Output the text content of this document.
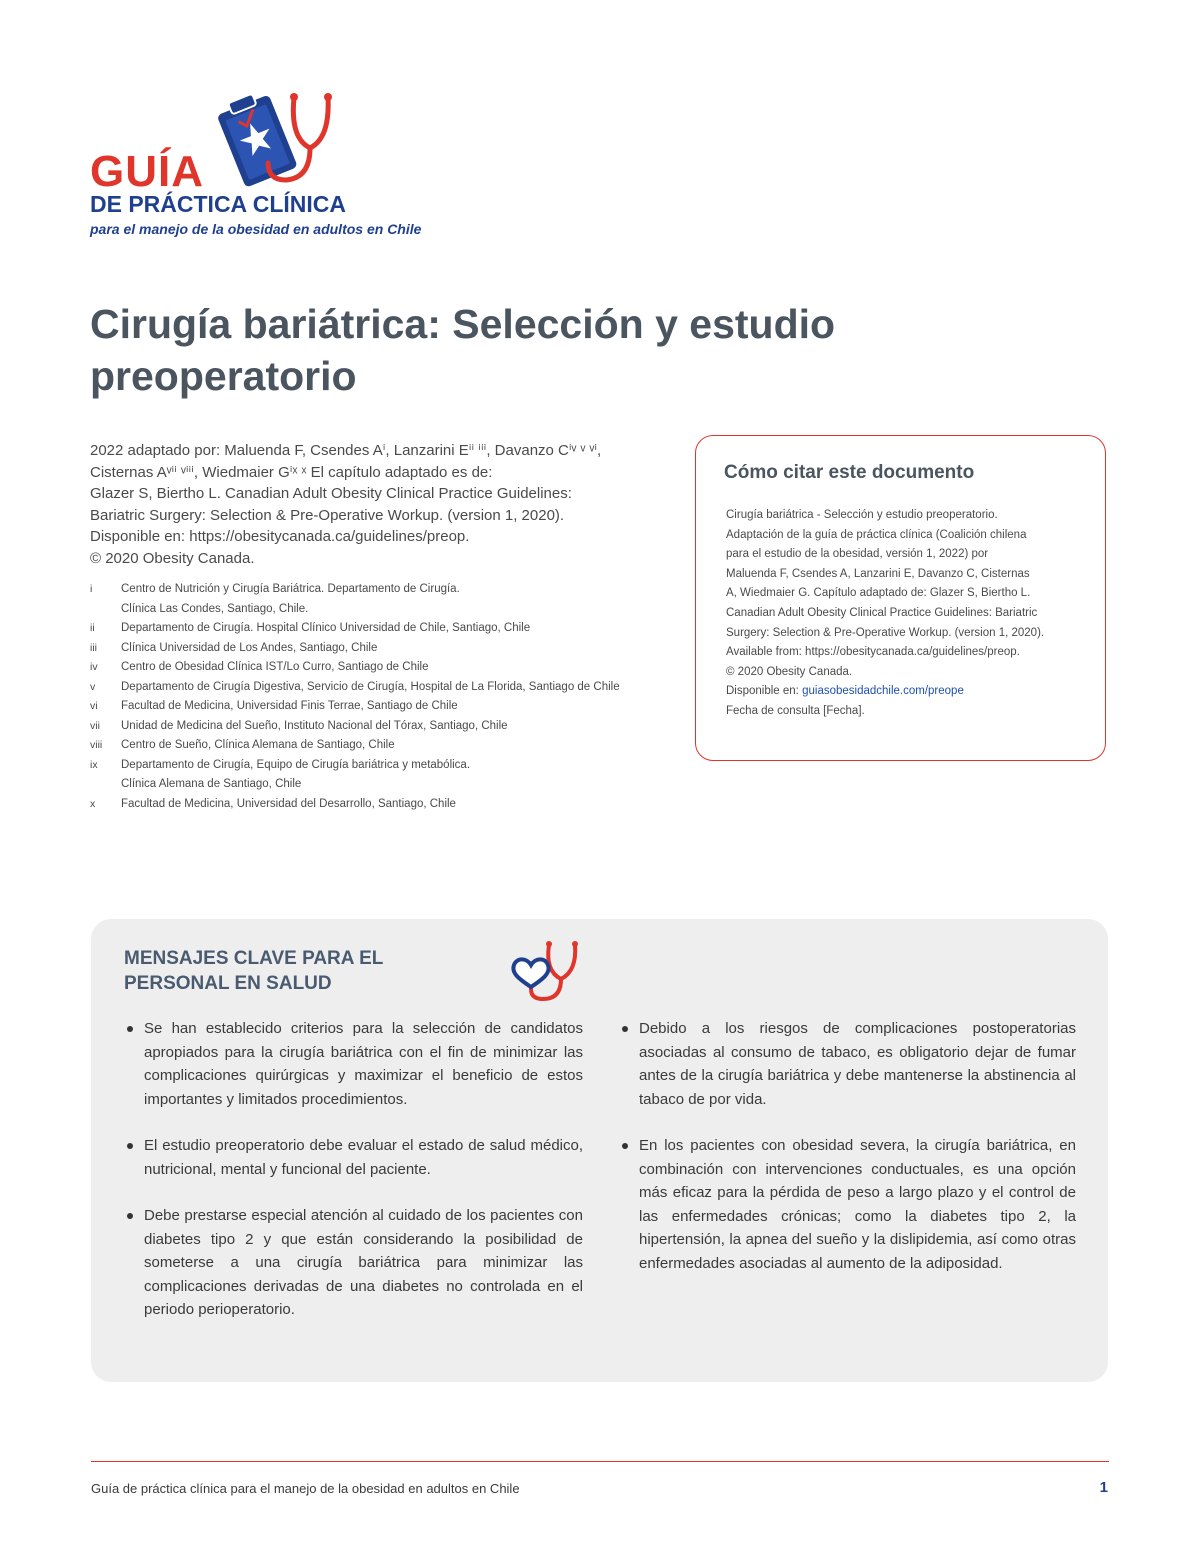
GUÍA
DE PRÁCTICA CLÍNICA
para el manejo de la obesidad en adultos en Chile
Cirugía bariátrica: Selección y estudio preoperatorio

2022 adaptado por: Maluenda F, Csendes Aⁱ, Lanzarini Eⁱⁱ ⁱⁱⁱ, Davanzo Cⁱᵛ ᵛ ᵛⁱ,

Cisternas Aᵛⁱⁱ ᵛⁱⁱⁱ, Wiedmaier Gⁱˣ ˣ El capítulo adaptado es de:

Glazer S, Biertho L. Canadian Adult Obesity Clinical Practice Guidelines:

Bariatric Surgery: Selection & Pre-Operative Workup. (version 1, 2020).

Disponible en: https://obesitycanada.ca/guidelines/preop.

© 2020 Obesity Canada.

i	Centro de Nutrición y Cirugía Bariátrica. Departamento de Cirugía.
Clínica Las Condes, Santiago, Chile.
ii	Departamento de Cirugía. Hospital Clínico Universidad de Chile, Santiago, Chile
iii	Clínica Universidad de Los Andes, Santiago, Chile
iv	Centro de Obesidad Clínica IST/Lo Curro, Santiago de Chile
v	Departamento de Cirugía Digestiva, Servicio de Cirugía, Hospital de La Florida, Santiago de Chile
vi	Facultad de Medicina, Universidad Finis Terrae, Santiago de Chile
vii	Unidad de Medicina del Sueño, Instituto Nacional del Tórax, Santiago, Chile
viii	Centro de Sueño, Clínica Alemana de Santiago, Chile
ix	Departamento de Cirugía, Equipo de Cirugía bariátrica y metabólica.
Clínica Alemana de Santiago, Chile
x	Facultad de Medicina, Universidad del Desarrollo, Santiago, Chile
Cómo citar este documento

Cirugía bariátrica - Selección y estudio preoperatorio.

Adaptación de la guía de práctica clínica (Coalición chilena

para el estudio de la obesidad, versión 1, 2022) por

Maluenda F, Csendes A, Lanzarini E, Davanzo C, Cisternas

A, Wiedmaier G. Capítulo adaptado de: Glazer S, Biertho L.

Canadian Adult Obesity Clinical Practice Guidelines: Bariatric

Surgery: Selection & Pre-Operative Workup. (version 1, 2020).

Available from: https://obesitycanada.ca/guidelines/preop.

© 2020 Obesity Canada.

Disponible en: guiasobesidadchile.com/preope

Fecha de consulta [Fecha].

MENSAJES CLAVE PARA EL
PERSONAL EN SALUD
Se han establecido criterios para la selección de candidatos apropiados para la cirugía bariátrica con el fin de minimizar las complicaciones quirúrgicas y maximizar el beneficio de estos importantes y limitados procedimientos.
El estudio preoperatorio debe evaluar el estado de salud médico, nutricional, mental y funcional del paciente.
Debe prestarse especial atención al cuidado de los pacientes con diabetes tipo 2 y que están considerando la posibilidad de someterse a una cirugía bariátrica para minimizar las complicaciones derivadas de una diabetes no controlada en el periodo perioperatorio.
Debido a los riesgos de complicaciones postoperatorias asociadas al consumo de tabaco, es obligatorio dejar de fumar antes de la cirugía bariátrica y debe mantenerse la abstinencia al tabaco de por vida.
En los pacientes con obesidad severa, la cirugía bariátrica, en combinación con intervenciones conductuales, es una opción más eficaz para la pérdida de peso a largo plazo y el control de las enfermedades crónicas; como la diabetes tipo 2, la hipertensión, la apnea del sueño y la dislipidemia, así como otras enfermedades asociadas al aumento de la adiposidad.
Guía de práctica clínica para el manejo de la obesidad en adultos en Chile	1
